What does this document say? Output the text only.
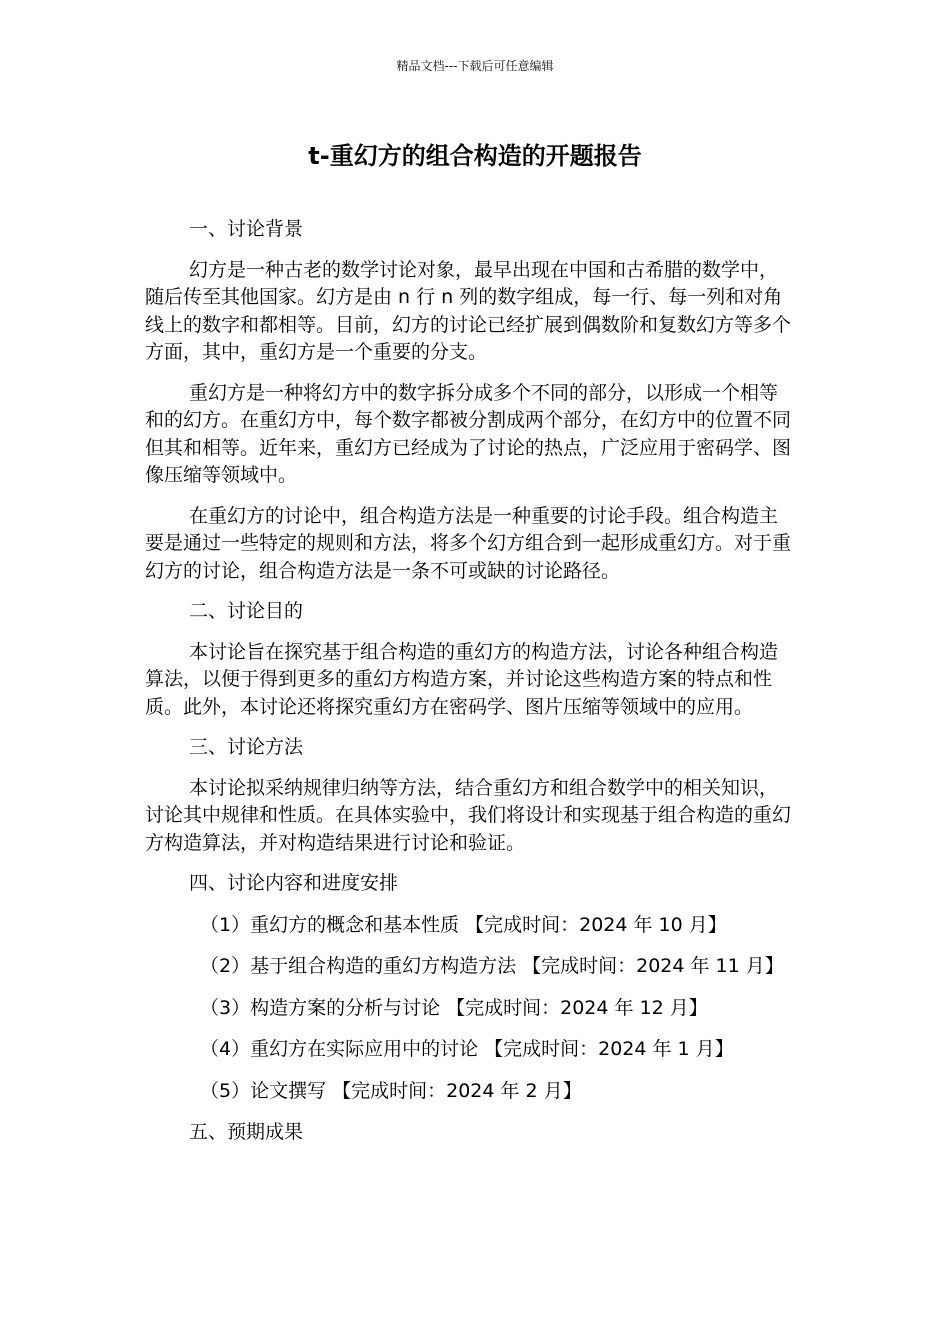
精品文档---下载后可任意编辑
t-重幻方的组合构造的开题报告

一、讨论背景

幻方是一种古老的数学讨论对象，最早出现在中国和古希腊的数学中，随后传至其他国家。幻方是由 n 行 n 列的数字组成，每一行、每一列和对角线上的数字和都相等。目前，幻方的讨论已经扩展到偶数阶和复数幻方等多个方面，其中，重幻方是一个重要的分支。

重幻方是一种将幻方中的数字拆分成多个不同的部分，以形成一个相等和的幻方。在重幻方中，每个数字都被分割成两个部分，在幻方中的位置不同但其和相等。近年来，重幻方已经成为了讨论的热点，广泛应用于密码学、图像压缩等领域中。

在重幻方的讨论中，组合构造方法是一种重要的讨论手段。组合构造主要是通过一些特定的规则和方法，将多个幻方组合到一起形成重幻方。对于重幻方的讨论，组合构造方法是一条不可或缺的讨论路径。

二、讨论目的

本讨论旨在探究基于组合构造的重幻方的构造方法，讨论各种组合构造算法，以便于得到更多的重幻方构造方案，并讨论这些构造方案的特点和性质。此外，本讨论还将探究重幻方在密码学、图片压缩等领域中的应用。

三、讨论方法

本讨论拟采纳规律归纳等方法，结合重幻方和组合数学中的相关知识，讨论其中规律和性质。在具体实验中，我们将设计和实现基于组合构造的重幻方构造算法，并对构造结果进行讨论和验证。

四、讨论内容和进度安排

（1）重幻方的概念和基本性质 【完成时间：2024 年 10 月】

（2）基于组合构造的重幻方构造方法 【完成时间：2024 年 11 月】

（3）构造方案的分析与讨论 【完成时间：2024 年 12 月】

（4）重幻方在实际应用中的讨论 【完成时间：2024 年 1 月】

（5）论文撰写 【完成时间：2024 年 2 月】

五、预期成果
